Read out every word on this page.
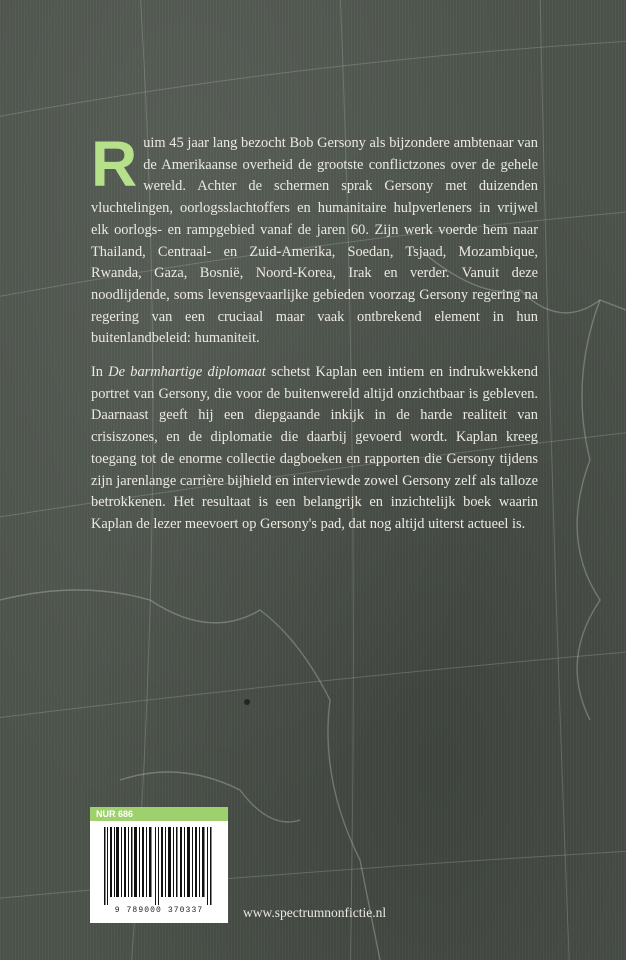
Ruim 45 jaar lang bezocht Bob Gersony als bijzondere ambtenaar van de Amerikaanse overheid de grootste conflictzones over de gehele wereld. Achter de schermen sprak Gersony met duizenden vluchtelingen, oorlogsslachtoffers en humanitaire hulpverleners in vrijwel elk oorlogs- en rampgebied vanaf de jaren 60. Zijn werk voerde hem naar Thailand, Centraal- en Zuid-Amerika, Soedan, Tsjaad, Mozambique, Rwanda, Gaza, Bosnië, Noord-Korea, Irak en verder. Vanuit deze noodlijdende, soms levensgevaarlijke gebieden voorzag Gersony regering na regering van een cruciaal maar vaak ontbrekend element in hun buitenlandbeleid: humaniteit.

In De barmhartige diplomaat schetst Kaplan een intiem en indrukwekkend portret van Gersony, die voor de buitenwereld altijd onzichtbaar is gebleven. Daarnaast geeft hij een diepgaande inkijk in de harde realiteit van crisiszones, en de diplomatie die daarbij gevoerd wordt. Kaplan kreeg toegang tot de enorme collectie dagboeken en rapporten die Gersony tijdens zijn jarenlange carrière bijhield en interviewde zowel Gersony zelf als talloze betrokkenen. Het resultaat is een belangrijk en inzichtelijk boek waarin Kaplan de lezer meevoert op Gersony's pad, dat nog altijd uiterst actueel is.

NUR 686
9 789000 370337	www.spectrumnonfictie.nl
